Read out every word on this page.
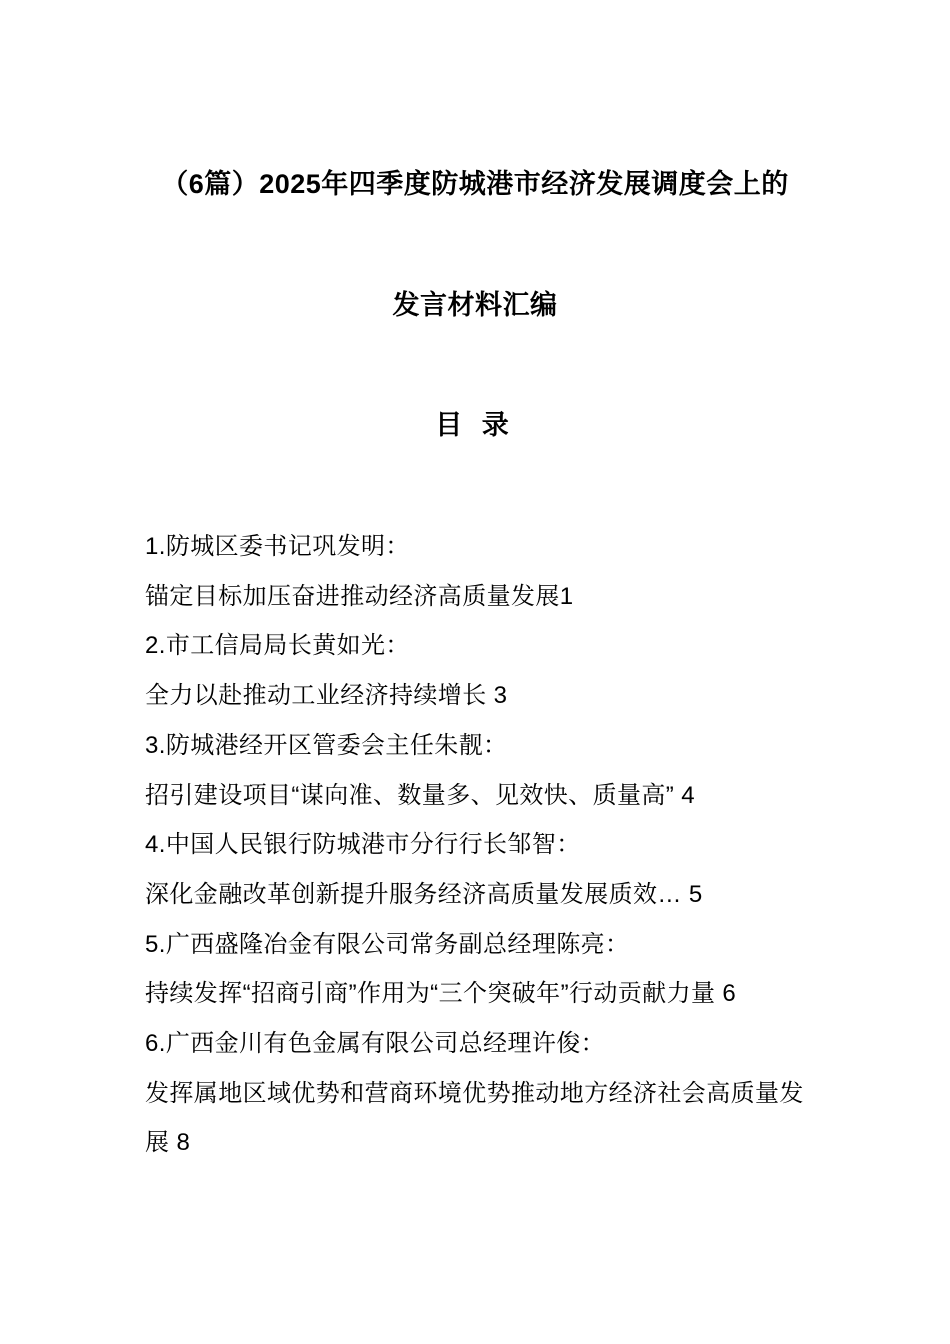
（6篇）2025年四季度防城港市经济发展调度会上的
发言材料汇编
目 录
1.防城区委书记巩发明：
锚定目标加压奋进推动经济高质量发展1
2.市工信局局长黄如光：
全力以赴推动工业经济持续增长 3
3.防城港经开区管委会主任朱靓：
招引建设项目“谋向准、数量多、见效快、质量高” 4
4.中国人民银行防城港市分行行长邹智：
深化金融改革创新提升服务经济高质量发展质效… 5
5.广西盛隆冶金有限公司常务副总经理陈亮：
持续发挥“招商引商”作用为“三个突破年”行动贡献力量 6
6.广西金川有色金属有限公司总经理许俊：
发挥属地区域优势和营商环境优势推动地方经济社会高质量发展 8
